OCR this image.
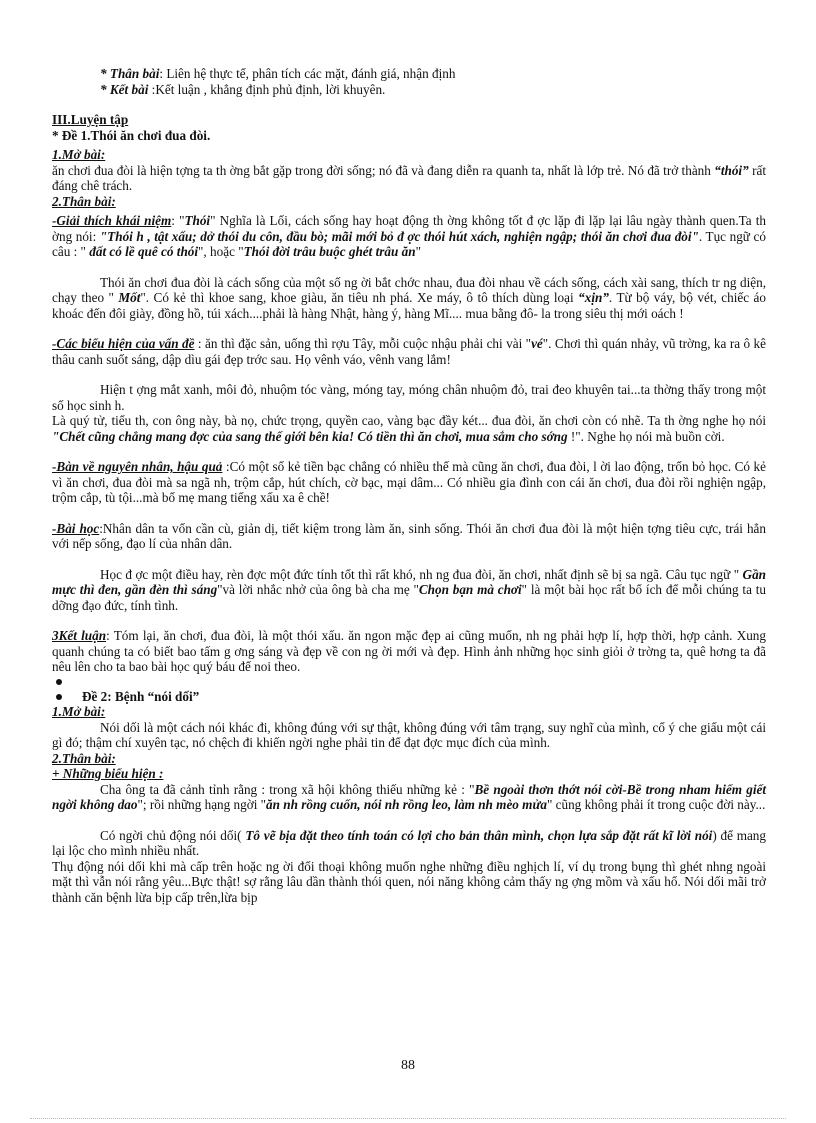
* Thân bài: Liên hệ thực tế, phân tích các mặt, đánh giá, nhận định

* Kết bài :Kết luận , khẳng định phủ định, lời khuyên.

III.Luyện tập

* Đề 1.Thói ăn chơi đua đòi.

1.Mở bài:
ăn chơi đua đòi là hiện tợng ta th ờng bắt gặp trong đời sống; nó đã và đang diễn ra quanh ta, nhất là lớp trẻ. Nó đã trở thành “thói” rất đáng chê trách.

2.Thân bài:

-Giải thích khái niệm: "Thói" Nghĩa là Lối, cách sống hay hoạt động th ờng không tốt đ ợc lặp đi lặp lại lâu ngày thành quen.Ta th ờng nói: "Thói h , tật xấu; dở thói du côn, đầu bò; mãi mới bỏ đ ợc thói hút xách, nghiện ngập; thói ăn chơi đua đòi". Tục ngữ có câu : " đất có lề quê có thói", hoặc "Thói đời trâu buộc ghét trâu ăn"

Thói ăn chơi đua đòi là cách sống của một số ng ời bắt chớc nhau, đua đòi nhau về cách sống, cách xài sang, thích tr ng diện, chạy theo " Mốt". Có kẻ thì khoe sang, khoe giàu, ăn tiêu nh phá. Xe máy, ô tô thích dùng loại “xịn”. Từ bộ váy, bộ vét, chiếc áo khoác đến đôi giày, đồng hồ, túi xách....phải là hàng Nhật, hàng ý, hàng Mĩ.... mua bằng đô- la trong siêu thị mới oách !

-Các biểu hiện của vấn đề : ăn thì đặc sản, uống thì rợu Tây, mỗi cuộc nhậu phải chi vài "vé". Chơi thì quán nhảy, vũ trờng, ka ra ô kê thâu canh suốt sáng, dập dìu gái đẹp trớc sau. Họ vênh váo, vênh vang lắm!

Hiện t ợng mắt xanh, môi đỏ, nhuộm tóc vàng, móng tay, móng chân nhuộm đỏ, trai đeo khuyên tai...ta thờng thấy trong một số học sinh h.

Là quý tử, tiểu th, con ông này, bà nọ, chức trọng, quyền cao, vàng bạc đầy két... đua đòi, ăn chơi còn có nhẽ. Ta th ờng nghe họ nói "Chết cũng chẳng mang đợc của sang thế giới bên kia! Có tiền thì ăn chơi, mua sắm cho sớng !". Nghe họ nói mà buồn cời.

-Bàn về nguyên nhân, hậu quả :Có một số kẻ tiền bạc chẳng có nhiều thế mà cũng ăn chơi, đua đòi, l ời lao động, trốn bỏ học. Có kẻ vì ăn chơi, đua đòi mà sa ngã nh, trộm cắp, hút chích, cờ bạc, mại dâm... Có nhiều gia đình con cái ăn chơi, đua đòi rồi nghiện ngập, trộm cắp, tù tội...mà bố mẹ mang tiếng xấu xa ê chề!

-Bài học:Nhân dân ta vốn cần cù, giản dị, tiết kiệm trong làm ăn, sinh sống. Thói ăn chơi đua đòi là một hiện tợng tiêu cực, trái hẳn với nếp sống, đạo lí của nhân dân.

Học đ ợc một điều hay, rèn đợc một đức tính tốt thì rất khó, nh ng đua đòi, ăn chơi, nhất định sẽ bị sa ngã. Câu tục ngữ " Gần mực thì đen, gần đèn thì sáng"và lời nhắc nhở của ông bà cha mẹ "Chọn bạn mà chơi" là một bài học rất bổ ích để mỗi chúng ta tu dỡng đạo đức, tính tình.

3Kết luận: Tóm lại, ăn chơi, đua đòi, là một thói xấu. ăn ngon mặc đẹp ai cũng muốn, nh ng phải hợp lí, hợp thời, hợp cảnh. Xung quanh chúng ta có biết bao tấm g ơng sáng và đẹp về con ng ời mới và đẹp. Hình ảnh những học sinh giỏi ở trờng ta, quê hơng ta đã nêu lên cho ta bao bài học quý báu để noi theo.

Đề 2: Bệnh “nói dối”

1.Mở bài:

Nói dối là một cách nói khác đi, không đúng với sự thật, không đúng với tâm trạng, suy nghĩ của mình, cố ý che giấu một cái gì đó; thậm chí xuyên tạc, nó chệch đi khiến ngời nghe phải tin để đạt đợc mục đích của mình.

2.Thân bài:

+ Những biểu hiện :

Cha ông ta đã cảnh tỉnh rằng : trong xã hội không thiếu những kẻ : "Bề ngoài thơn thớt nói cời-Bề trong nham hiểm giết ngời không dao"; rồi những hạng ngời "ăn nh rồng cuốn, nói nh rồng leo, làm nh mèo mửa" cũng không phải ít trong cuộc đời này...

Có ngời chủ động nói dối( Tô vẽ bịa đặt theo tính toán có lợi cho bản thân mình, chọn lựa sắp đặt rất kĩ lời nói) để mang lại lộc cho mình nhiều nhất.

Thụ động nói dối khi mà cấp trên hoặc ng ời đối thoại không muốn nghe những điều nghịch lí, ví dụ trong bụng thì ghét nhng ngoài mặt thì vẫn nói rằng yêu...Bực thật! sợ rằng lâu dần thành thói quen, nói năng không cảm thấy ng ợng mồm và xấu hổ. Nói dối mãi trở thành căn bệnh lừa bịp cấp trên,lừa bịp

88
